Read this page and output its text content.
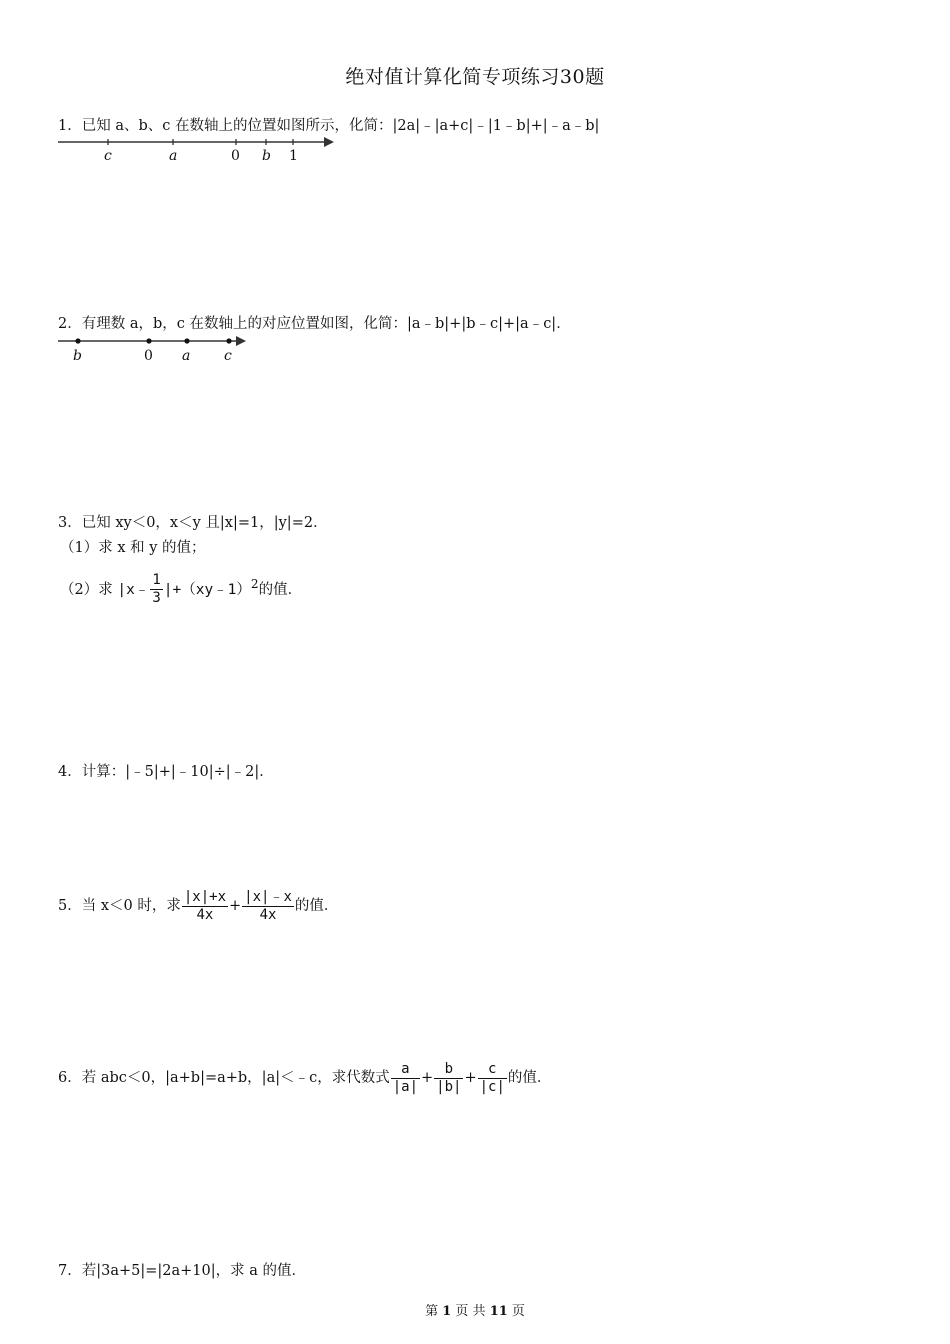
绝对值计算化简专项练习30题
1．已知 a、b、c 在数轴上的位置如图所示，化简：|2a|﹣|a+c|﹣|1﹣b|+|﹣a﹣b|
c	a	0 b 1
2．有理数 a，b，c 在数轴上的对应位置如图，化简：|a﹣b|+|b﹣c|+|a﹣c|．
b	0 a c
3．已知 xy＜0，x＜y 且|x|=1，|y|=2．
（1）求 x 和 y 的值；
（2）求 |x﹣ $\frac{1}{3}$ |+（xy﹣1）$^2$的值．
4．计算：|﹣5|+|﹣10|÷|﹣2|．
5．当 x＜0 时，求 $\frac{|x|+x}{4x} + \frac{|x|﹣x}{4x}$ 的值．
6．若 abc＜0，|a+b|=a+b，|a|＜﹣c，求代数式 $\frac{a}{|a|} + \frac{b}{|b|} + \frac{c}{|c|}$ 的值．
7．若|3a+5|=|2a+10|，求 a 的值．
第 1 页 共 11 页
